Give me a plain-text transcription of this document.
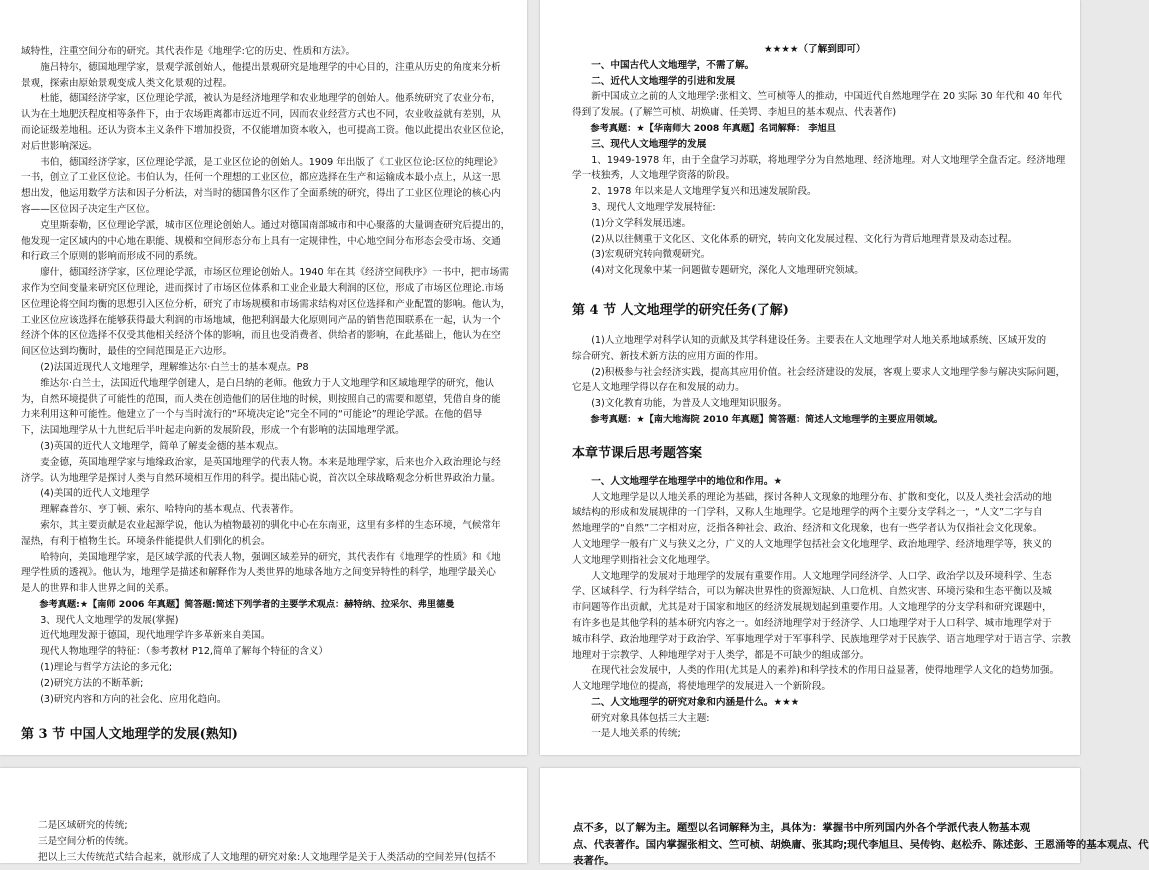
域特性，注重空间分布的研究。其代表作是《地理学:它的历史、性质和方法》。
施吕特尔，德国地理学家，景观学派创始人，他提出景观研究是地理学的中心目的，注重从历史的角度来分析
景观，探索由原始景观变成人类文化景观的过程。
杜能，德国经济学家，区位理论学派，被认为是经济地理学和农业地理学的创始人。他系统研究了农业分布，
认为在土地肥沃程度相等条件下，由于农场距离都市远近不同，因而农业经营方式也不同，农业收益就有差别，从
而论证级差地租。还认为资本主义条件下增加投资，不仅能增加资本收入，也可提高工资。他以此提出农业区位论，
对后世影响深远。
韦伯，德国经济学家，区位理论学派，是工业区位论的创始人。1909 年出版了《工业区位论:区位的纯理论》
一书，创立了工业区位论。韦伯认为，任何一个理想的工业区位，都应选择在生产和运输成本最小点上，从这一思
想出发，他运用数学方法和因子分析法，对当时的德国鲁尔区作了全面系统的研究，得出了工业区位理论的核心内
容——区位因子决定生产区位。
克里斯泰勒，区位理论学派，城市区位理论创始人。通过对德国南部城市和中心聚落的大量调查研究后提出的，
他发现一定区域内的中心地在职能、规模和空间形态分布上具有一定规律性，中心地空间分布形态会受市场、交通
和行政三个原则的影响而形成不同的系统。
廖什，德国经济学家，区位理论学派，市场区位理论创始人。1940 年在其《经济空间秩序》一书中，把市场需
求作为空间变量来研究区位理论，进而探讨了市场区位体系和工业企业最大利润的区位，形成了市场区位理论.市场
区位理论将空间均衡的思想引入区位分析，研究了市场规模和市场需求结构对区位选择和产业配置的影响。他认为，
工业区位应该选择在能够获得最大利润的市场地域，他把利润最大化原则同产品的销售范围联系在一起，认为一个
经济个体的区位选择不仅受其他相关经济个体的影响，而且也受消费者、供给者的影响，在此基础上，他认为在空
间区位达到均衡时，最佳的空间范围是正六边形。
(2)法国近现代人文地理学，理解维达尔·白兰士的基本观点。P8
维达尔·白兰士，法国近代地理学创建人，是白吕纳的老师。他致力于人文地理学和区域地理学的研究，他认
为，自然环境提供了可能性的范围，而人类在创造他们的居住地的时候，则按照自己的需要和愿望，凭借自身的能
力来利用这种可能性。他建立了一个与当时流行的“环境决定论”完全不同的“可能论”的理论学派。在他的倡导
下，法国地理学从十九世纪后半叶起走向新的发展阶段，形成一个有影响的法国地理学派。
(3)英国的近代人文地理学，简单了解麦金德的基本观点。
麦金德，英国地理学家与地缘政治家，是英国地理学的代表人物。本来是地理学家，后来也介入政治理论与经
济学。认为地理学是探讨人类与自然环境相互作用的科学。提出陆心说，首次以全球战略观念分析世界政治力量。
(4)美国的近代人文地理学
理解森普尔、亨丁顿、索尔、哈特向的基本观点、代表著作。
索尔，其主要贡献是农业起源学说，他认为植物最初的驯化中心在东南亚，这里有多样的生态环境，气候常年
湿热，有利于植物生长。环境条件能提供人们驯化的机会。
哈特向，美国地理学家，是区域学派的代表人物，强调区域差异的研究，其代表作有《地理学的性质》和《地
理学性质的透视》。他认为，地理学是描述和解释作为人类世界的地球各地方之间变异特性的科学，地理学最关心
是人的世界和非人世界之间的关系。
参考真题:★【南师 2006 年真题】简答题:简述下列学者的主要学术观点：赫特纳、拉采尔、弗里德曼
3、现代人文地理学的发展(掌握)
近代地理发源于德国，现代地理学许多革新来自美国。
现代人物地理学的特征：（参考教材 P12,简单了解每个特征的含义）
(1)理论与哲学方法论的多元化;
(2)研究方法的不断革新;
(3)研究内容和方向的社会化、应用化趋向。
第 3 节 中国人文地理学的发展(熟知)
★★★★（了解到即可）
一、中国古代人文地理学，不需了解。
二、近代人文地理学的引进和发展
新中国成立之前的人文地理学:张相文、竺可桢等人的推动，中国近代自然地理学在 20 实际 30 年代和 40 年代
得到了发展。(了解竺可桢、胡焕庸、任美锷、李旭旦的基本观点、代表著作)
参考真题：★【华南师大 2008 年真题】名词解释： 李旭旦
三、现代人文地理学的发展
1、1949-1978 年，由于全盘学习苏联，将地理学分为自然地理、经济地理。对人文地理学全盘否定。经济地理
学一枝独秀，人文地理学资落的阶段。
2、1978 年以来是人文地理学复兴和迅速发展阶段。
3、现代人文地理学发展特征:
(1)分文学科发展迅速。
(2)从以往侧重于文化区、文化体系的研究，转向文化发展过程、文化行为背后地理背景及动态过程。
(3)宏观研究转向微观研究。
(4)对文化现象中某一问题做专题研究，深化人文地理研究领域。
第 4 节 人文地理学的研究任务(了解)
(1)人立地理学对科学认知的贡献及其学科建设任务。主要表在人文地理学对人地关系地域系统、区域开发的
综合研究、新技术新方法的应用方面的作用。
(2)积极参与社会经济实践，提高其应用价值。社会经济建设的发展，客观上要求人文地理学参与解决实际问题，
它是人文地理学得以存在和发展的动力。
(3)文化教育功能，为普及人文地理知识服务。
参考真题：★【南大地海院 2010 年真题】简答题：简述人文地理学的主要应用领域。
本章节课后思考题答案
一、人文地理学在地理学中的地位和作用。★
人文地理学是以人地关系的理论为基础，探讨各种人文现象的地理分布、扩散和变化，以及人类社会活动的地
域结构的形成和发展规律的一门学科，又称人生地理学。它是地理学的两个主要分支学科之一，“人文”二字与自
然地理学的“自然”二字相对应，泛指各种社会、政治、经济和文化现象，也有一些学者认为仅指社会文化现象。
人文地理学一般有广义与狭义之分，广义的人文地理学包括社会文化地理学、政治地理学、经济地理学等，狭义的
人文地理学则指社会文化地理学。
人文地理学的发展对于地理学的发展有重要作用。人文地理学同经济学、人口学、政治学以及环境科学、生态
学、区域科学、行为科学结合，可以为解决世界性的资源短缺、人口危机、自然灾害、环境污染和生态平衡以及城
市问题等作出贡献，尤其是对于国家和地区的经济发展规划起到重要作用。人文地理学的分支学科和研究课题中，
有许多也是其他学科的基本研究内容之一。如经济地理学对于经济学、人口地理学对于人口科学、城市地理学对于
城市科学、政治地理学对于政治学、军事地理学对于军事科学、民族地理学对于民族学、语言地理学对于语言学、宗教
地理对于宗教学、人种地理学对于人类学，都是不可缺少的组成部分。
在现代社会发展中，人类的作用(尤其是人的素养)和科学技术的作用日益显著，使得地理学人文化的趋势加强。
人文地理学地位的提高，将使地理学的发展进入一个新阶段。
二、人文地理学的研究对象和内涵是什么。★★★
研究对象具体包括三大主题:
一是人地关系的传统;
二是区域研究的传统;
三是空间分析的传统。
把以上三大传统范式结合起来，就形成了人文地理的研究对象:人文地理学是关于人类活动的空间差异(包括不
点不多，以了解为主。题型以名词解释为主，具体为：掌握书中所列国内外各个学派代表人物基本观
点、代表著作。国内掌握张相文、竺可桢、胡焕庸、张其昀;现代李旭旦、吴传钧、赵松乔、陈述彭、王恩涌等的基本观点、代
表著作。
